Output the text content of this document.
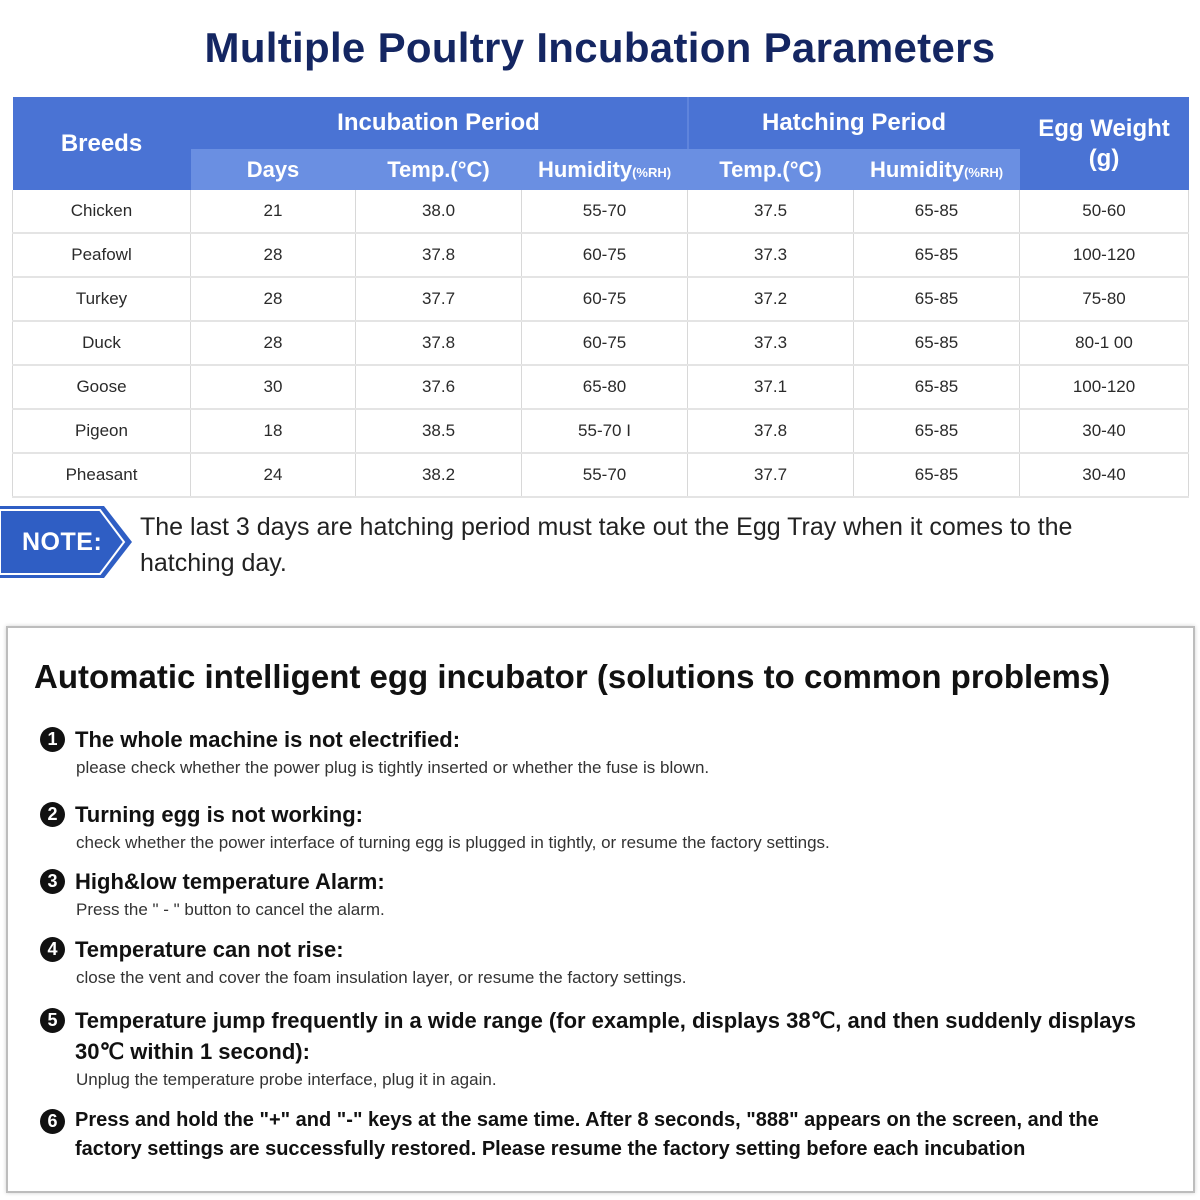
Multiple Poultry Incubation Parameters
Breeds	Incubation Period			Hatching Period		Egg Weight (g)
	Days	Temp.(°C)	Humidity(%RH)	Temp.(°C)	Humidity(%RH)	
Chicken	21	38.0	55-70	37.5	65-85	50-60
Peafowl	28	37.8	60-75	37.3	65-85	100-120
Turkey	28	37.7	60-75	37.2	65-85	75-80
Duck	28	37.8	60-75	37.3	65-85	80-1 00
Goose	30	37.6	65-80	37.1	65-85	100-120
Pigeon	18	38.5	55-70 I	37.8	65-85	30-40
Pheasant	24	38.2	55-70	37.7	65-85	30-40
NOTE:
The last 3 days are hatching period must take out the Egg Tray when it comes to the hatching day.
Automatic intelligent egg incubator (solutions to common problems)
1 The whole machine is not electrified:
please check whether the power plug is tightly inserted or whether the fuse is blown.
2 Turning egg is not working:
check whether the power interface of turning egg is plugged in tightly, or resume the factory settings.
3 High&low temperature Alarm:
Press the " - " button to cancel the alarm.
4 Temperature can not rise:
close the vent and cover the foam insulation layer, or resume the factory settings.
5 Temperature jump frequently in a wide range (for example, displays 38℃, and then suddenly displays 30℃ within 1 second):
Unplug the temperature probe interface, plug it in again.
6 Press and hold the "+" and "-" keys at the same time. After 8 seconds, "888" appears on the screen, and the factory settings are successfully restored. Please resume the factory setting before each incubation
